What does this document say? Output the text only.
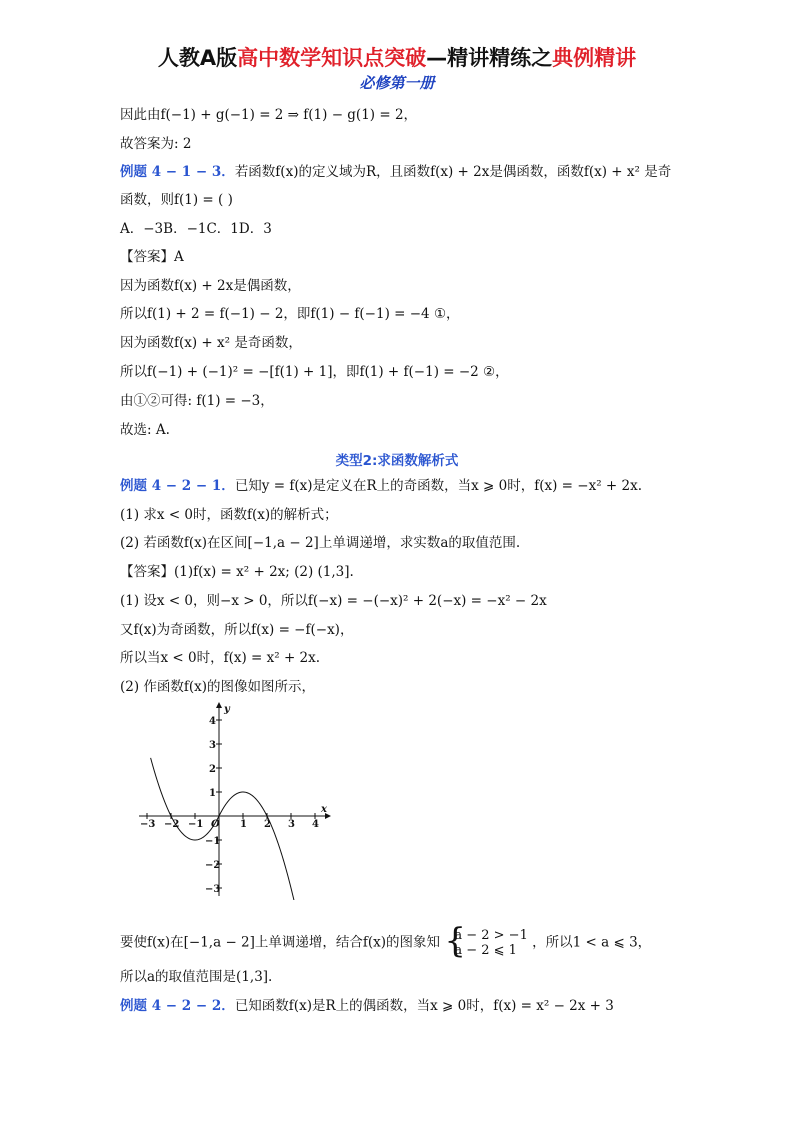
人教A版高中数学知识点突破—精讲精练之典例精讲
必修第一册
因此由f(−1) + g(−1) = 2 ⇒ f(1) − g(1) = 2，
故答案为: 2
例题 4 − 1 − 3．若函数f(x)的定义域为R，且函数f(x) + 2x是偶函数，函数f(x) + x² 是奇
函数，则f(1) = ( )
A．−3B．−1C．1D．3
【答案】A
因为函数f(x) + 2x是偶函数，
所以f(1) + 2 = f(−1) − 2，即f(1) − f(−1) = −4 ①，
因为函数f(x) + x² 是奇函数，
所以f(−1) + (−1)² = −[f(1) + 1]，即f(1) + f(−1) = −2 ②，
由①②可得: f(1) = −3，
故选: A.
类型2:求函数解析式
例题 4 − 2 − 1．已知y = f(x)是定义在R上的奇函数，当x ⩾ 0时，f(x) = −x² + 2x.
(1) 求x < 0时，函数f(x)的解析式；
(2) 若函数f(x)在区间[−1,a − 2]上单调递增，求实数a的取值范围.
【答案】(1)f(x) = x² + 2x; (2) (1,3].
(1) 设x < 0，则−x > 0，所以f(−x) = −(−x)² + 2(−x) = −x² − 2x
又f(x)为奇函数，所以f(x) = −f(−x)，
所以当x < 0时，f(x) = x² + 2x.
(2) 作函数f(x)的图像如图所示，
−3 −2 −1	1 2 3 4
4
3
2
1
−1
−2
−3
O
x
y
要使f(x)在[−1,a − 2]上单调递增，结合f(x)的图象知 {
a − 2 > −1
a − 2 ⩽ 1	，所以1 < a ⩽ 3，
所以a的取值范围是(1,3].
例题 4 − 2 − 2．已知函数f(x)是R上的偶函数，当x ⩾ 0时，f(x) = x² − 2x + 3
